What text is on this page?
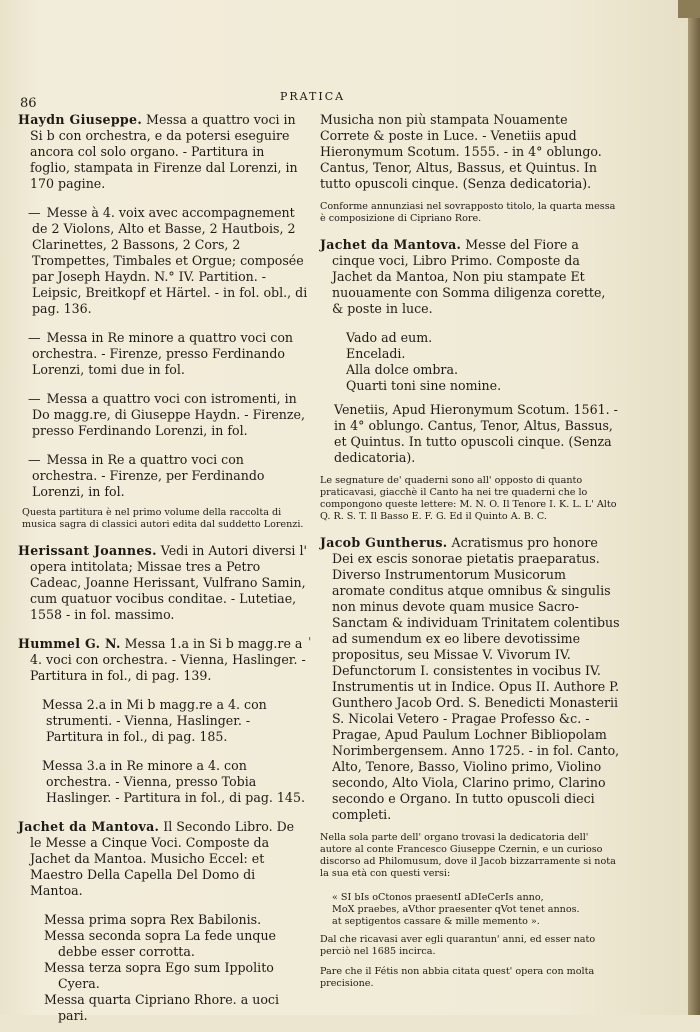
86	PRATICA
Haydn Giuseppe. Messa a quattro voci in Si b con orchestra, e da potersi eseguire ancora col solo organo. - Partitura in foglio, stampata in Firenze dal Lorenzi, in 170 pagine.
— Messe à 4. voix avec accompagnement de 2 Violons, Alto et Basse, 2 Hautbois, 2 Clarinettes, 2 Bassons, 2 Cors, 2 Trompettes, Timbales et Orgue; composée par Joseph Haydn. N.° IV. Partition. - Leipsic, Breitkopf et Härtel. - in fol. obl., di pag. 136.
— Messa in Re minore a quattro voci con orchestra. - Firenze, presso Ferdinando Lorenzi, tomi due in fol.
— Messa a quattro voci con istromenti, in Do magg.re, di Giuseppe Haydn. - Firenze, presso Ferdinando Lorenzi, in fol.
— Messa in Re a quattro voci con orchestra. - Firenze, per Ferdinando Lorenzi, in fol.
Questa partitura è nel primo volume della raccolta di musica sagra di classici autori edita dal suddetto Lorenzi.
Herissant Joannes. Vedi in Autori diversi l' opera intitolata; Missae tres a Petro Cadeac, Joanne Herissant, Vulfrano Samin, cum quatuor vocibus conditae. - Lutetiae, 1558 - in fol. massimo.
Hummel G. N. Messa 1.a in Si b magg.re a 4. voci con orchestra. - Vienna, Haslinger. - Partitura in fol., di pag. 139.
Messa 2.a in Mi b magg.re a 4. con strumenti. - Vienna, Haslinger. - Partitura in fol., di pag. 185.
Messa 3.a in Re minore a 4. con orchestra. - Vienna, presso Tobia Haslinger. - Partitura in fol., di pag. 145.
Jachet da Mantova. Il Secondo Libro. De le Messe a Cinque Voci. Composte da Jachet da Mantoa. Musicho Eccel: et Maestro Della Capella Del Domo di Mantoa.
Messa prima sopra Rex Babilonis.
Messa seconda sopra La fede unque debbe esser corrotta.
Messa terza sopra Ego sum Ippolito Cyera.
Messa quarta Cipriano Rhore. a uoci pari.
'
Musicha non più stampata Nouamente Correte & poste in Luce. - Venetiis apud Hieronymum Scotum. 1555. - in 4° oblungo. Cantus, Tenor, Altus, Bassus, et Quintus. In tutto opuscoli cinque. (Senza dedicatoria).
Conforme annunziasi nel sovrapposto titolo, la quarta messa è composizione di Cipriano Rore.
Jachet da Mantova. Messe del Fiore a cinque voci, Libro Primo. Composte da Jachet da Mantoa, Non piu stampate Et nuouamente con Somma diligenza corette, & poste in luce.
Vado ad eum.
Enceladi.
Alla dolce ombra.
Quarti toni sine nomine.
Venetiis, Apud Hieronymum Scotum. 1561. - in 4° oblungo. Cantus, Tenor, Altus, Bassus, et Quintus. In tutto opuscoli cinque. (Senza dedicatoria).
Le segnature de' quaderni sono all' opposto di quanto praticavasi, giacchè il Canto ha nei tre quaderni che lo compongono queste lettere: M. N. O. Il Tenore I. K. L. L' Alto Q. R. S. T. Il Basso E. F. G. Ed il Quinto A. B. C.
Jacob Guntherus. Acratismus pro honore Dei ex escis sonorae pietatis praeparatus. Diverso Instrumentorum Musicorum aromate conditus atque omnibus & singulis non minus devote quam musice Sacro-Sanctam & individuam Trinitatem colentibus ad sumendum ex eo libere devotissime propositus, seu Missae V. Vivorum IV. Defunctorum I. consistentes in vocibus IV. Instrumentis ut in Indice. Opus II. Authore P. Gunthero Jacob Ord. S. Benedicti Monasterii S. Nicolai Vetero - Pragae Professo &c. - Pragae, Apud Paulum Lochner Bibliopolam Norimbergensem. Anno 1725. - in fol. Canto, Alto, Tenore, Basso, Violino primo, Violino secondo, Alto Viola, Clarino primo, Clarino secondo e Organo. In tutto opuscoli dieci completi.
Nella sola parte dell' organo trovasi la dedicatoria dell' autore al conte Francesco Giuseppe Czernin, e un curioso discorso ad Philomusum, dove il Jacob bizzarramente si nota la sua età con questi versi:
« SI bIs oCtonos praesentI aDIeCerIs anno,
MoX praebes, aVthor praesenter qVot tenet annos.
at septigentos cassare & mille memento ».
Dal che ricavasi aver egli quarantun' anni, ed esser nato perciò nel 1685 incirca.
Pare che il Fétis non abbia citata quest' opera con molta precisione.
